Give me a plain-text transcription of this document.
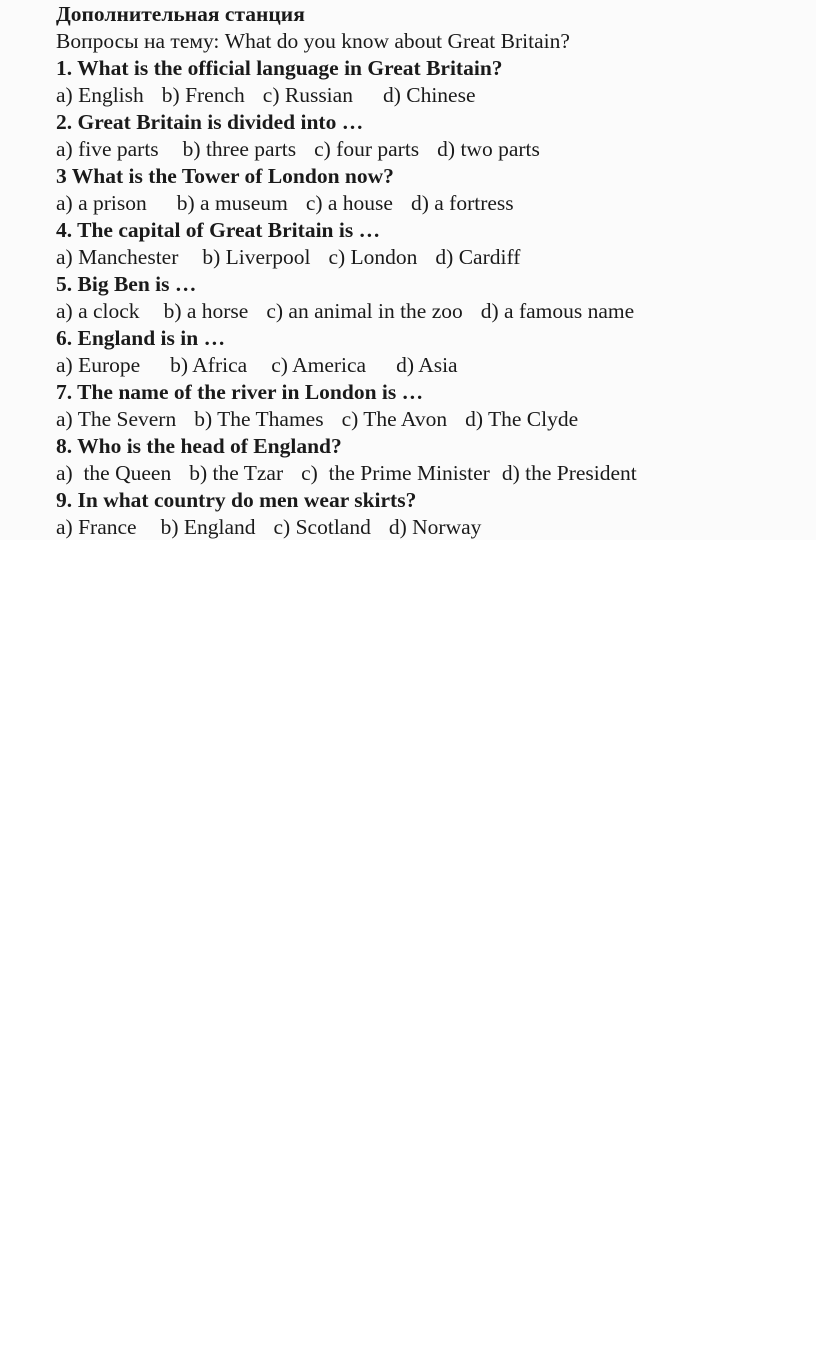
Дополнительная станция
Вопросы на тему: What do you know about Great Britain?
1. What is the official language in Great Britain?
a) English b) French c) Russian d) Chinese
2. Great Britain is divided into …
a) five parts b) three parts c) four parts d) two parts
3 What is the Tower of London now?
a) a prison b) a museum c) a house d) a fortress
4. The capital of Great Britain is …
a) Manchester b) Liverpool c) London d) Cardiff
5. Big Ben is …
a) a clock b) a horse c) an animal in the zoo d) a famous name
6. England is in …
a) Europe b) Africa c) America d) Asia
7. The name of the river in London is …
a) The Severn b) The Thames c) The Avon d) The Clyde
8. Who is the head of England?
a)  the Queen b) the Tzar c)  the Prime Minister d) the President
9. In what country do men wear skirts?
a) France b) England c) Scotland d) Norway
